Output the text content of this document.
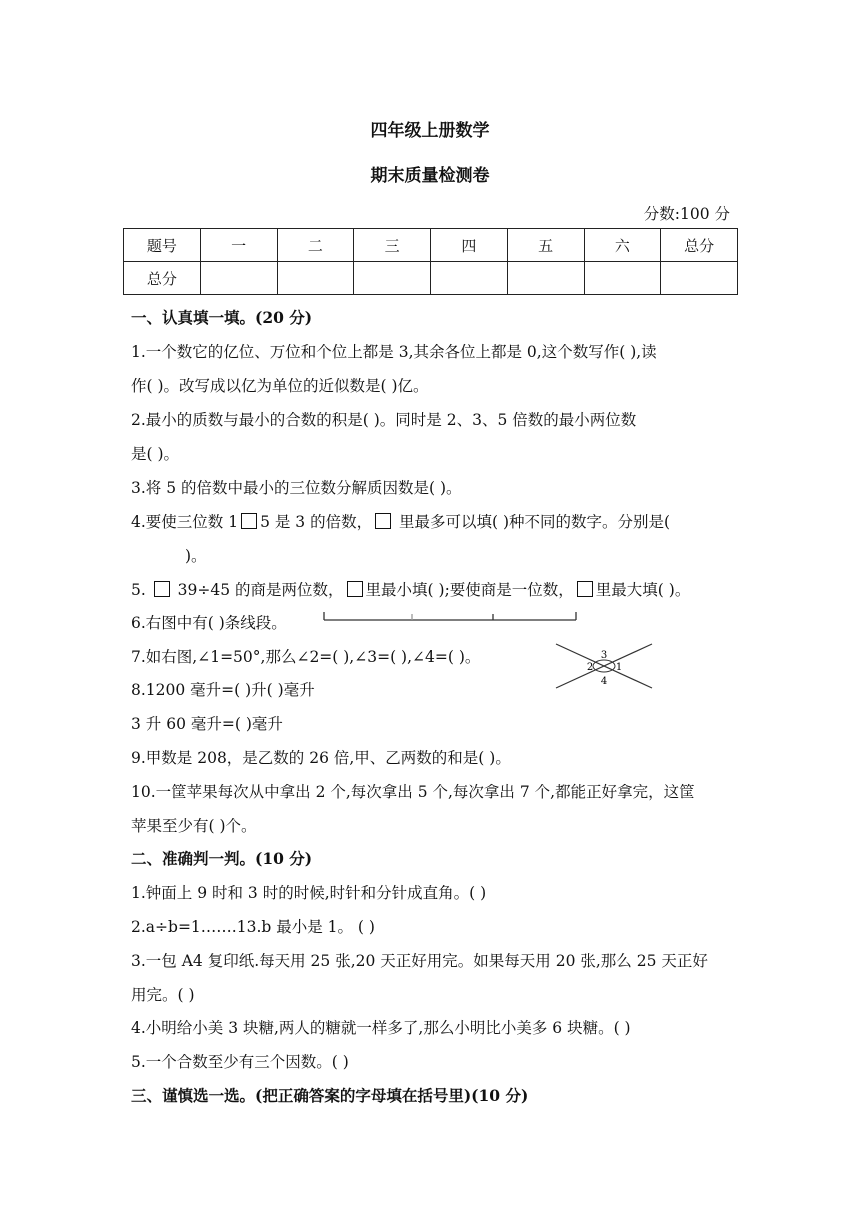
四年级上册数学
期末质量检测卷
分数:100 分
题号	一	二	三	四	五	六	总分
总分							
一、认真填一填。(20 分)
1.一个数它的亿位、万位和个位上都是 3,其余各位上都是 0,这个数写作( ),读
作( )。改写成以亿为单位的近似数是( )亿。
2.最小的质数与最小的合数的积是( )。同时是 2、3、5 倍数的最小两位数
是( )。
3.将 5 的倍数中最小的三位数分解质因数是( )。
4.要使三位数 1 5 是 3 的倍数， 里最多可以填( )种不同的数字。分别是(
)。
5. 39÷45 的商是两位数， 里最小填( );要使商是一位数， 里最大填( )。
6.右图中有( )条线段。
7.如右图,∠1=50°,那么∠2=( ),∠3=( ),∠4=( )。	3
2 1
4
8.1200 毫升=( )升( )毫升
3 升 60 毫升=( )毫升
9.甲数是 208，是乙数的 26 倍,甲、乙两数的和是( )。
10.一筐苹果每次从中拿出 2 个,每次拿出 5 个,每次拿出 7 个,都能正好拿完，这筐
苹果至少有( )个。
二、准确判一判。(10 分)
1.钟面上 9 时和 3 时的时候,时针和分针成直角。( )
2.a÷b=1…….13.b 最小是 1。 ( )
3.一包 A4 复印纸.每天用 25 张,20 天正好用完。如果每天用 20 张,那么 25 天正好
用完。( )
4.小明给小美 3 块糖,两人的糖就一样多了,那么小明比小美多 6 块糖。( )
5.一个合数至少有三个因数。( )
三、谨慎选一选。(把正确答案的字母填在括号里)(10 分)
